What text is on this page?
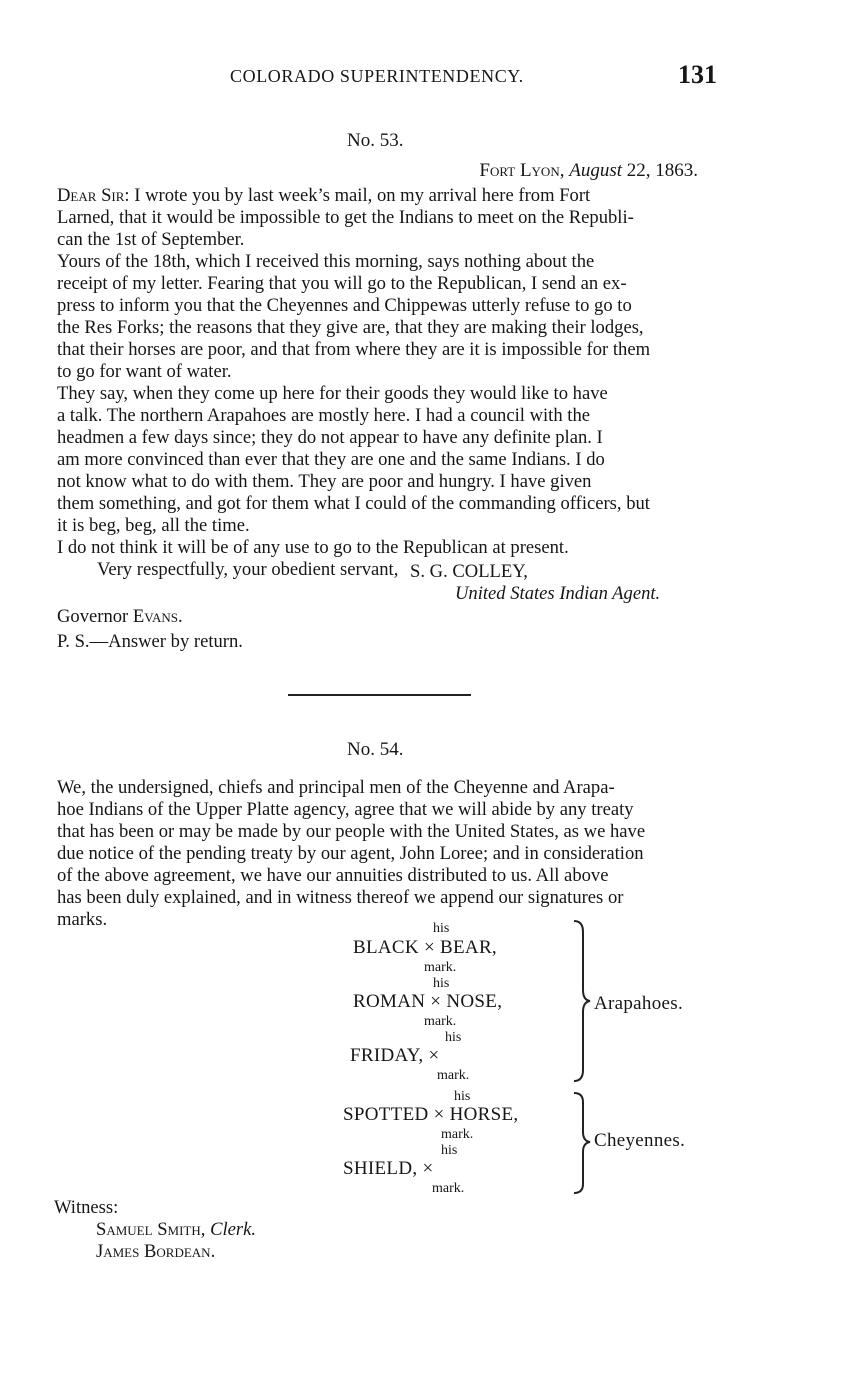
COLORADO SUPERINTENDENCY.	131
No. 53.
Fort Lyon, August 22, 1863.
Dear Sir: I wrote you by last week’s mail, on my arrival here from Fort
Larned, that it would be impossible to get the Indians to meet on the Republi-
can the 1st of September.
Yours of the 18th, which I received this morning, says nothing about the
receipt of my letter. Fearing that you will go to the Republican, I send an ex-
press to inform you that the Cheyennes and Chippewas utterly refuse to go to
the Res Forks; the reasons that they give are, that they are making their lodges,
that their horses are poor, and that from where they are it is impossible for them
to go for want of water.
They say, when they come up here for their goods they would like to have
a talk. The northern Arapahoes are mostly here. I had a council with the
headmen a few days since; they do not appear to have any definite plan. I
am more convinced than ever that they are one and the same Indians. I do
not know what to do with them. They are poor and hungry. I have given
them something, and got for them what I could of the commanding officers, but
it is beg, beg, all the time.
I do not think it will be of any use to go to the Republican at present.
Very respectfully, your obedient servant, S. G. COLLEY,
United States Indian Agent.
Governor Evans.
P. S.—Answer by return.
No. 54.
We, the undersigned, chiefs and principal men of the Cheyenne and Arapa-
hoe Indians of the Upper Platte agency, agree that we will abide by any treaty
that has been or may be made by our people with the United States, as we have
due notice of the pending treaty by our agent, John Loree; and in consideration
of the above agreement, we have our annuities distributed to us. All above
has been duly explained, and in witness thereof we append our signatures or
marks.	his
BLACK × BEAR,
mark.
his
ROMAN × NOSE,
mark.
his
FRIDAY, ×
mark.
his
SPOTTED × HORSE,
mark.
his
SHIELD, ×
mark.
Arapahoes.
Cheyennes.
Witness:
Samuel Smith, Clerk.
James Bordean.
